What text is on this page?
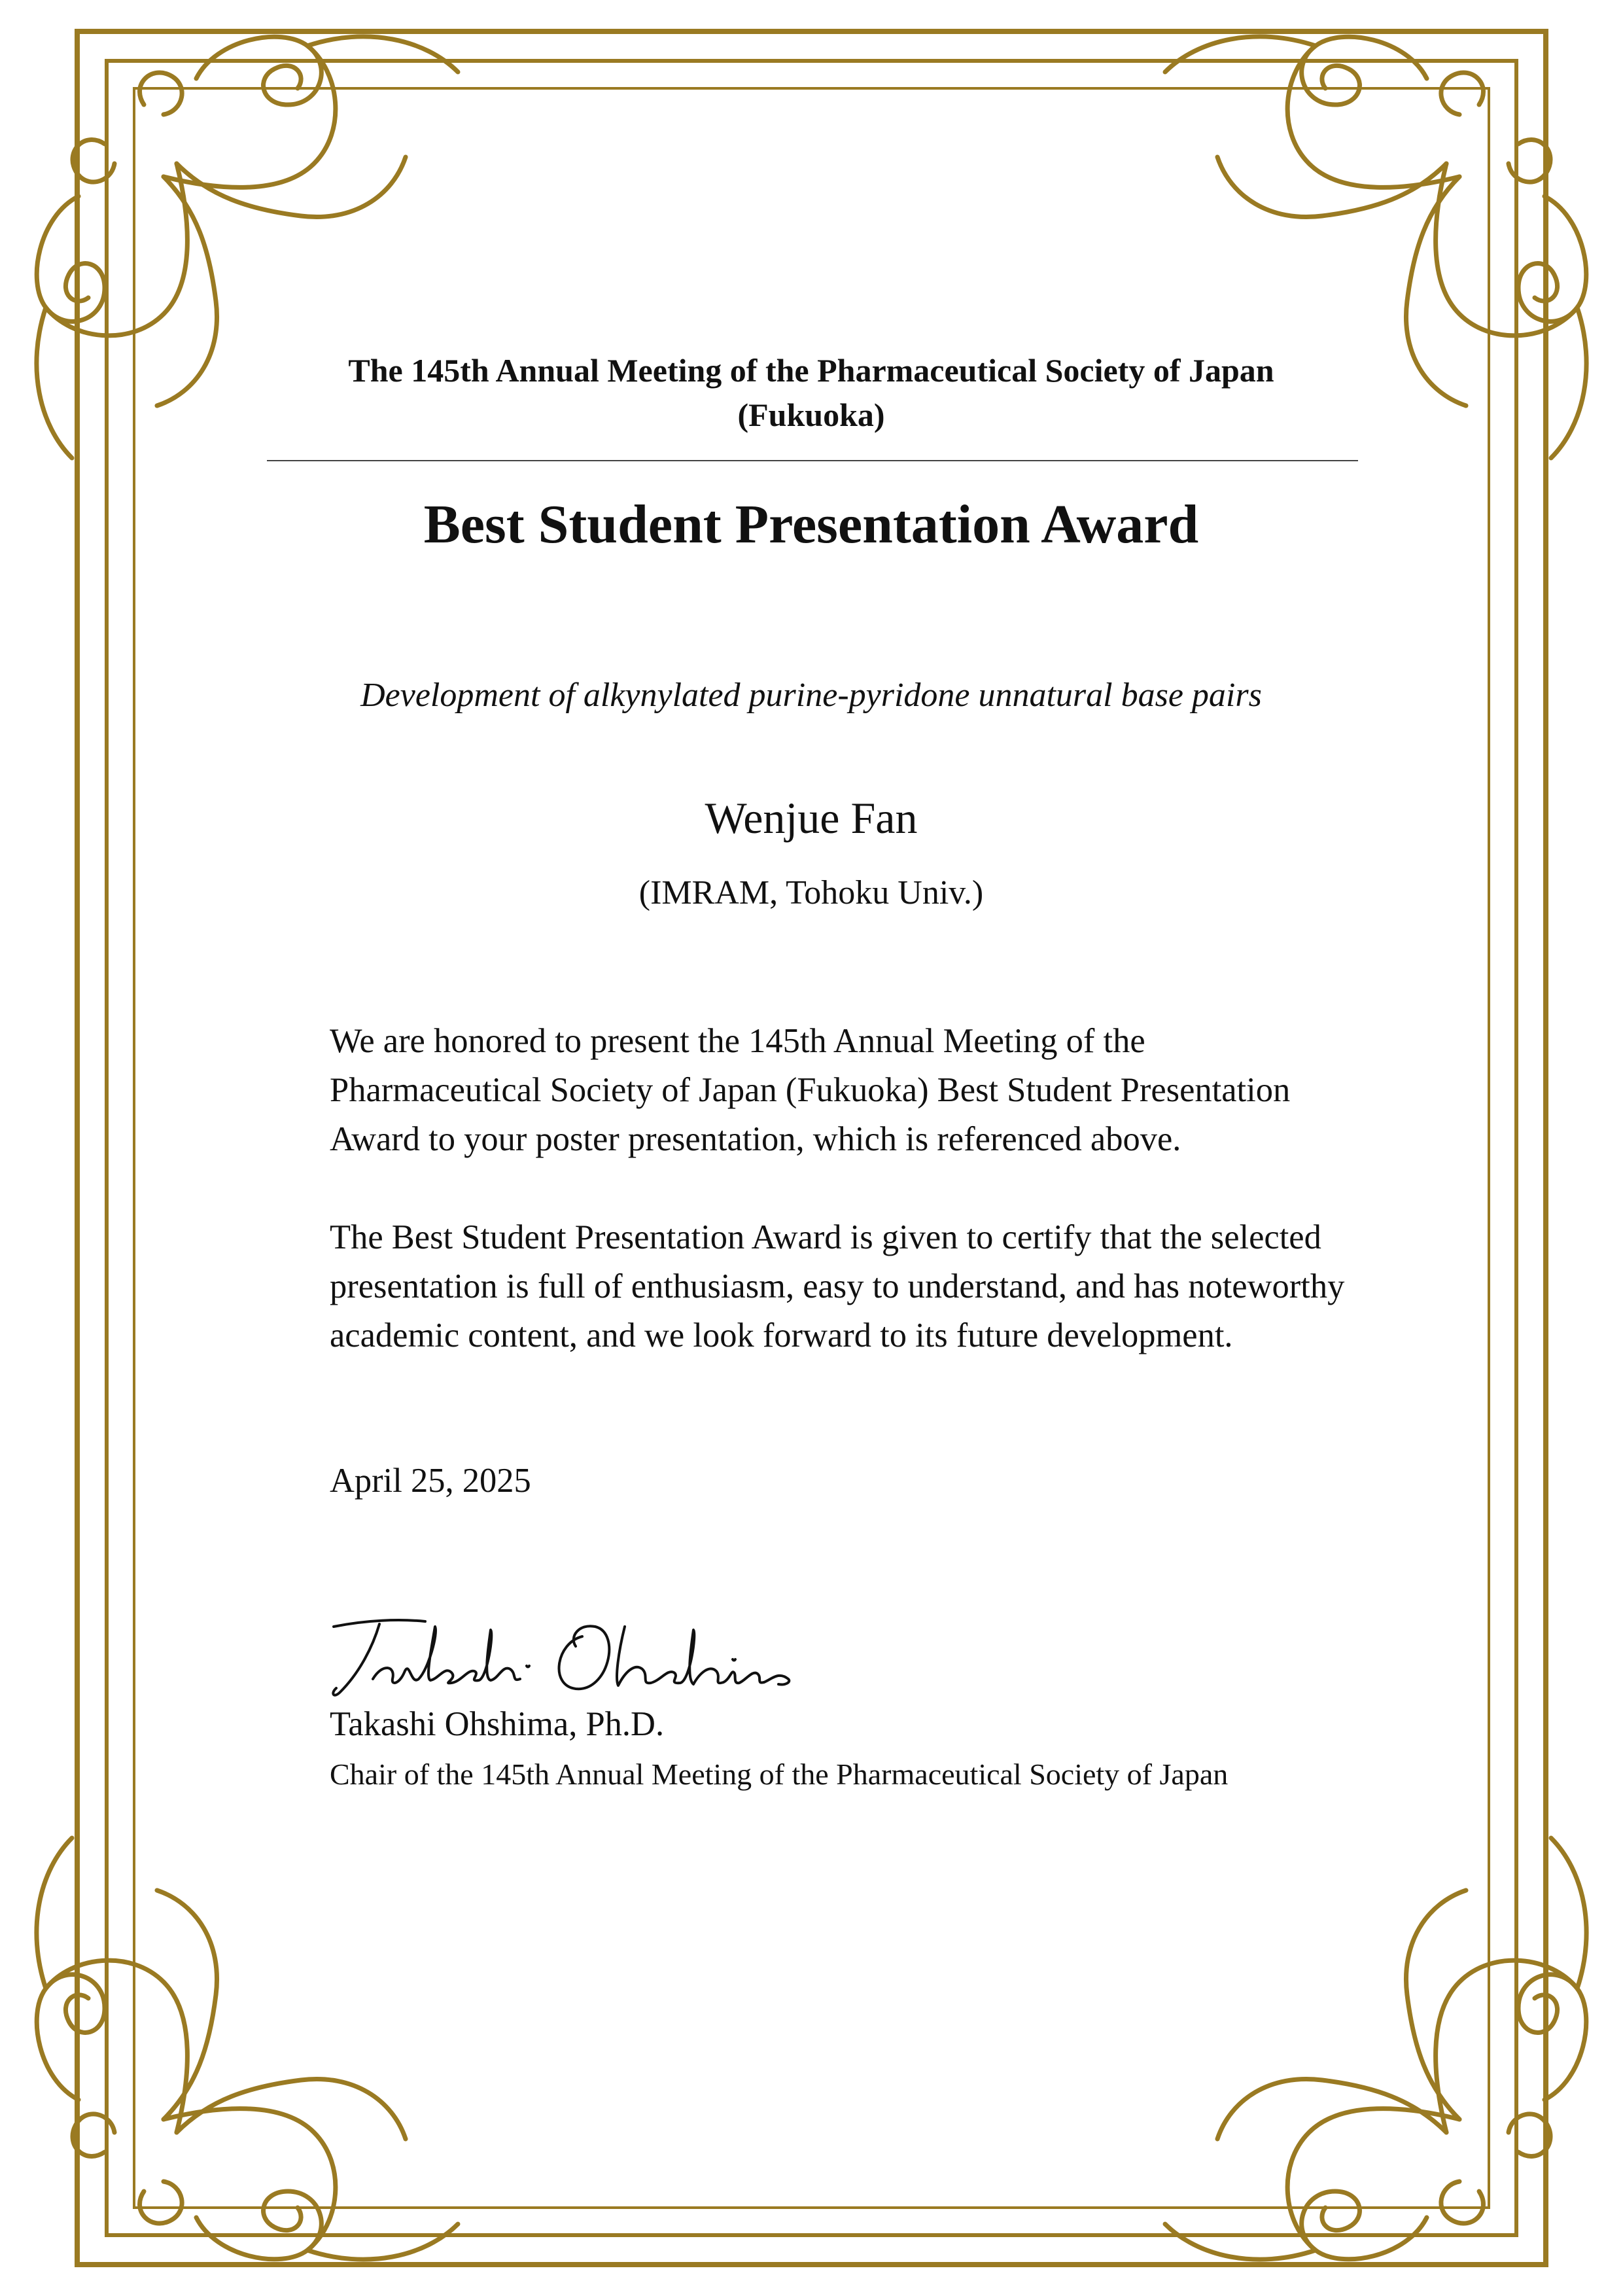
The 145th Annual Meeting of the Pharmaceutical Society of Japan
(Fukuoka)
Best Student Presentation Award

Development of alkynylated purine-pyridone unnatural base pairs

Wenjue Fan

(IMRAM, Tohoku Univ.)

We are honored to present the 145th Annual Meeting of the Pharmaceutical Society of Japan (Fukuoka) Best Student Presentation Award to your poster presentation, which is referenced above.

The Best Student Presentation Award is given to certify that the selected presentation is full of enthusiasm, easy to understand, and has noteworthy academic content, and we look forward to its future development.

April 25, 2025

Takashi Ohshima, Ph.D.

Chair of the 145th Annual Meeting of the Pharmaceutical Society of Japan
